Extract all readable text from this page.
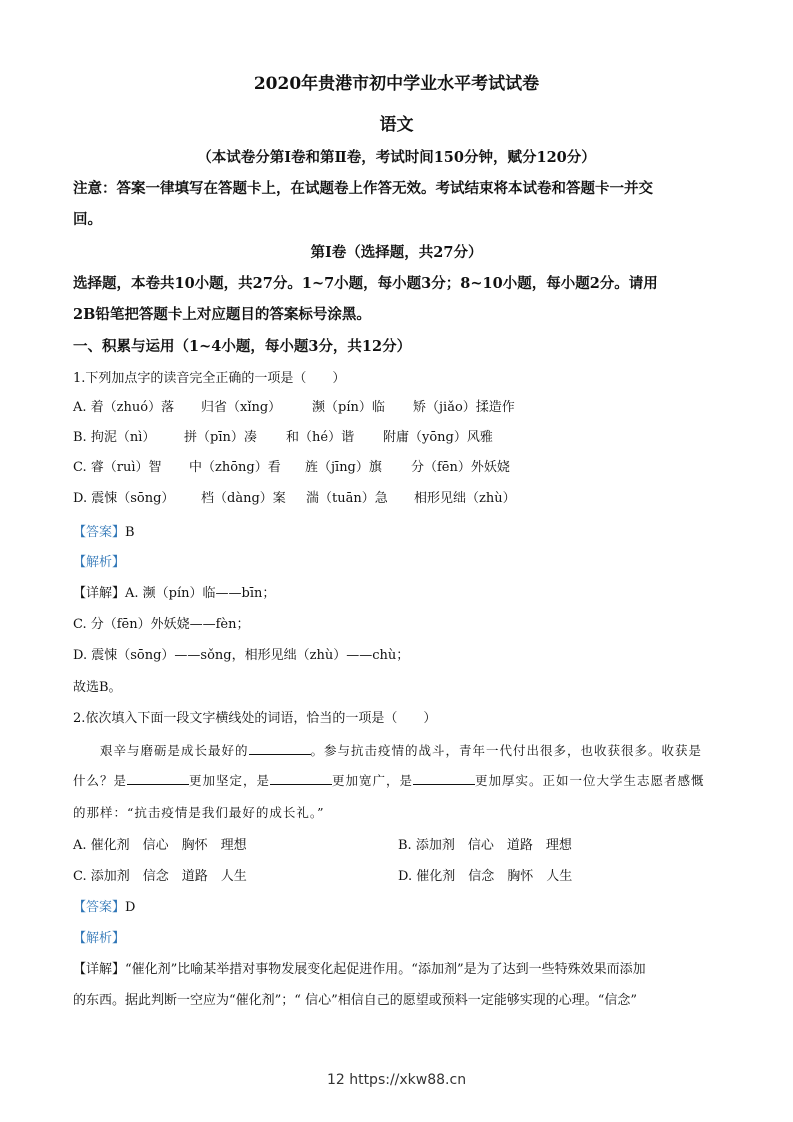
2020年贵港市初中学业水平考试试卷
语文
（本试卷分第Ⅰ卷和第Ⅱ卷，考试时间150分钟，赋分120分）
注意：答案一律填写在答题卡上，在试题卷上作答无效。考试结束将本试卷和答题卡一并交
回。
第Ⅰ卷（选择题，共27分）
选择题，本卷共10小题，共27分。1~7小题，每小题3分；8~10小题，每小题2分。请用
2B铅笔把答题卡上对应题目的答案标号涂黑。
一、积累与运用（1~4小题，每小题3分，共12分）
1.下列加点字的读音完全正确的一项是（　　）
A. 着（zhuó）落 归省（xǐng） 濒（pín）临 矫（jiǎo）揉造作
B. 拘泥（nì） 拼（pīn）凑 和（hé）谐 附庸（yōng）风雅
C. 睿（ruì）智 中（zhōng）看 旌（jīng）旗 分（fēn）外妖娆
D. 震悚（sōng） 档（dàng）案 湍（tuān）急 相形见绌（zhù）
【答案】B
【解析】
【详解】A. 濒（pín）临——bīn；
C. 分（fēn）外妖娆——fèn；
D. 震悚（sōng）——sǒng，相形见绌（zhù）——chù；
故选B。
2.依次填入下面一段文字横线处的词语，恰当的一项是（　　）
艰辛与磨砺是成长最好的	。参与抗击疫情的战斗，青年一代付出很多，也收获很多。收获是
什么？是	更加坚定，是	更加宽广，是	更加厚实。正如一位大学生志愿者感慨
的那样：“抗击疫情是我们最好的成长礼。”
A. 催化剂　信心　胸怀　理想	B. 添加剂　信心　道路　理想
C. 添加剂　信念　道路　人生	D. 催化剂　信念　胸怀　人生
【答案】D
【解析】
【详解】“催化剂”比喻某举措对事物发展变化起促进作用。“添加剂”是为了达到一些特殊效果而添加
的东西。据此判断一空应为“催化剂”；“ 信心”相信自己的愿望或预料一定能够实现的心理。“信念”
12 https://xkw88.cn
